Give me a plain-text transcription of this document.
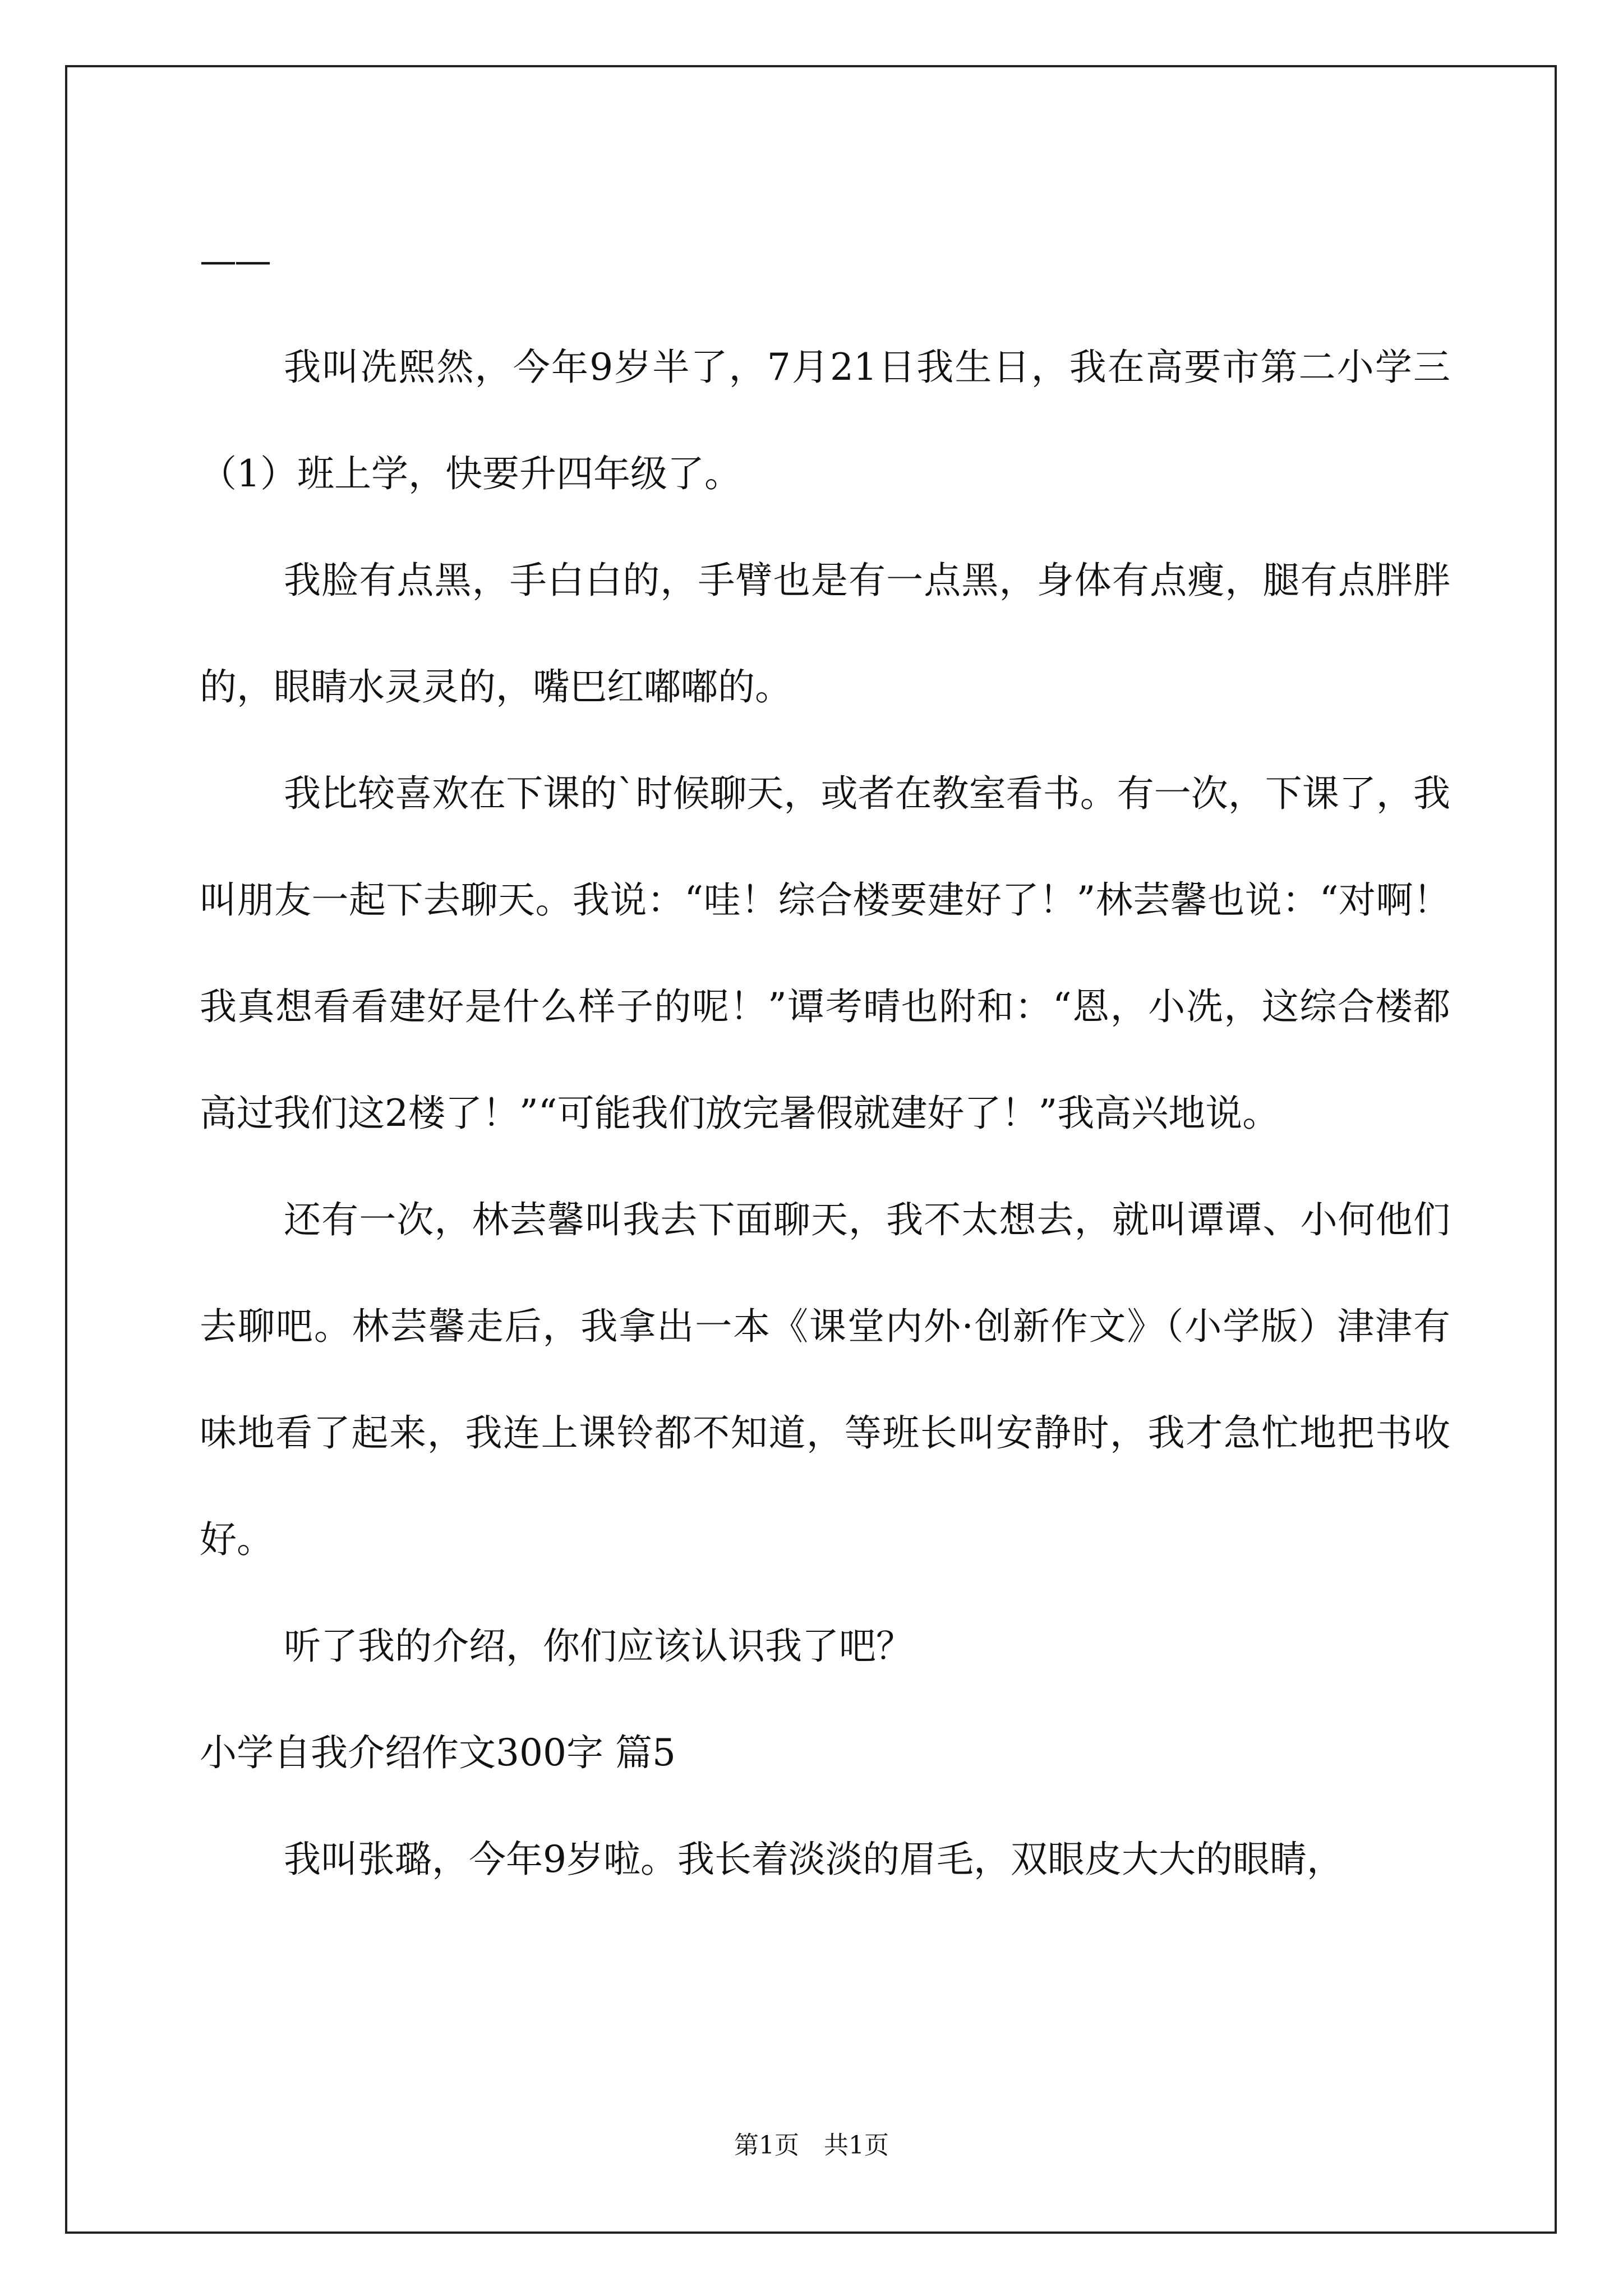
——

我叫冼熙然，今年9岁半了，7月21日我生日，我在高要市第二小学三（1）班上学，快要升四年级了。

我脸有点黑，手白白的，手臂也是有一点黑，身体有点瘦，腿有点胖胖的，眼睛水灵灵的，嘴巴红嘟嘟的。

我比较喜欢在下课的`时候聊天，或者在教室看书。有一次，下课了，我叫朋友一起下去聊天。我说：“哇！综合楼要建好了！”林芸馨也说：“对啊！我真想看看建好是什么样子的呢！”谭考晴也附和：“恩，小冼，这综合楼都高过我们这2楼了！”“可能我们放完暑假就建好了！”我高兴地说。

还有一次，林芸馨叫我去下面聊天，我不太想去，就叫谭谭、小何他们去聊吧。林芸馨走后，我拿出一本《课堂内外·创新作文》（小学版）津津有味地看了起来，我连上课铃都不知道，等班长叫安静时，我才急忙地把书收好。

听了我的介绍，你们应该认识我了吧？

小学自我介绍作文300字 篇5

我叫张璐，今年9岁啦。我长着淡淡的眉毛，双眼皮大大的眼睛，

第1页　共1页
